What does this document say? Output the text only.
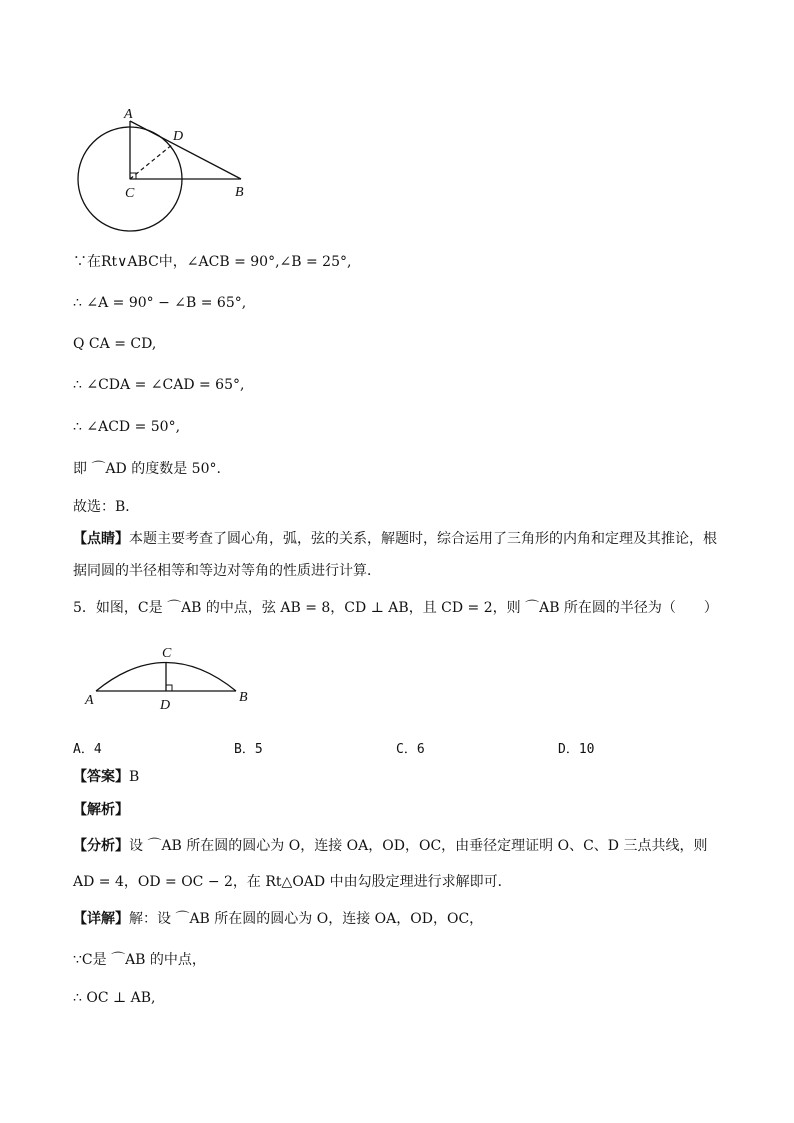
A
D
C	B
∵在Rt∨ABC中，∠ACB = 90°,∠B = 25°,
∴ ∠A = 90° − ∠B = 65°,
Q CA = CD,
∴ ∠CDA = ∠CAD = 65°,
∴ ∠ACD = 50°,
即 ⌒AD 的度数是 50°.
故选：B．
【点睛】本题主要考查了圆心角，弧，弦的关系，解题时，综合运用了三角形的内角和定理及其推论，根
据同圆的半径相等和等边对等角的性质进行计算．
5．如图，C是 ⌒AB 的中点，弦 AB = 8，CD ⊥ AB，且 CD = 2，则 ⌒AB 所在圆的半径为（　　）
C
A	D
B
A．4	B．5	C．6	D．10
【答案】B
【解析】
【分析】设 ⌒AB 所在圆的圆心为 O，连接 OA，OD，OC，由垂径定理证明 O、C、D 三点共线，则
AD = 4，OD = OC − 2，在 Rt△OAD 中由勾股定理进行求解即可．
【详解】解：设 ⌒AB 所在圆的圆心为 O，连接 OA，OD，OC，
∵C是 ⌒AB 的中点，
∴ OC ⊥ AB,
